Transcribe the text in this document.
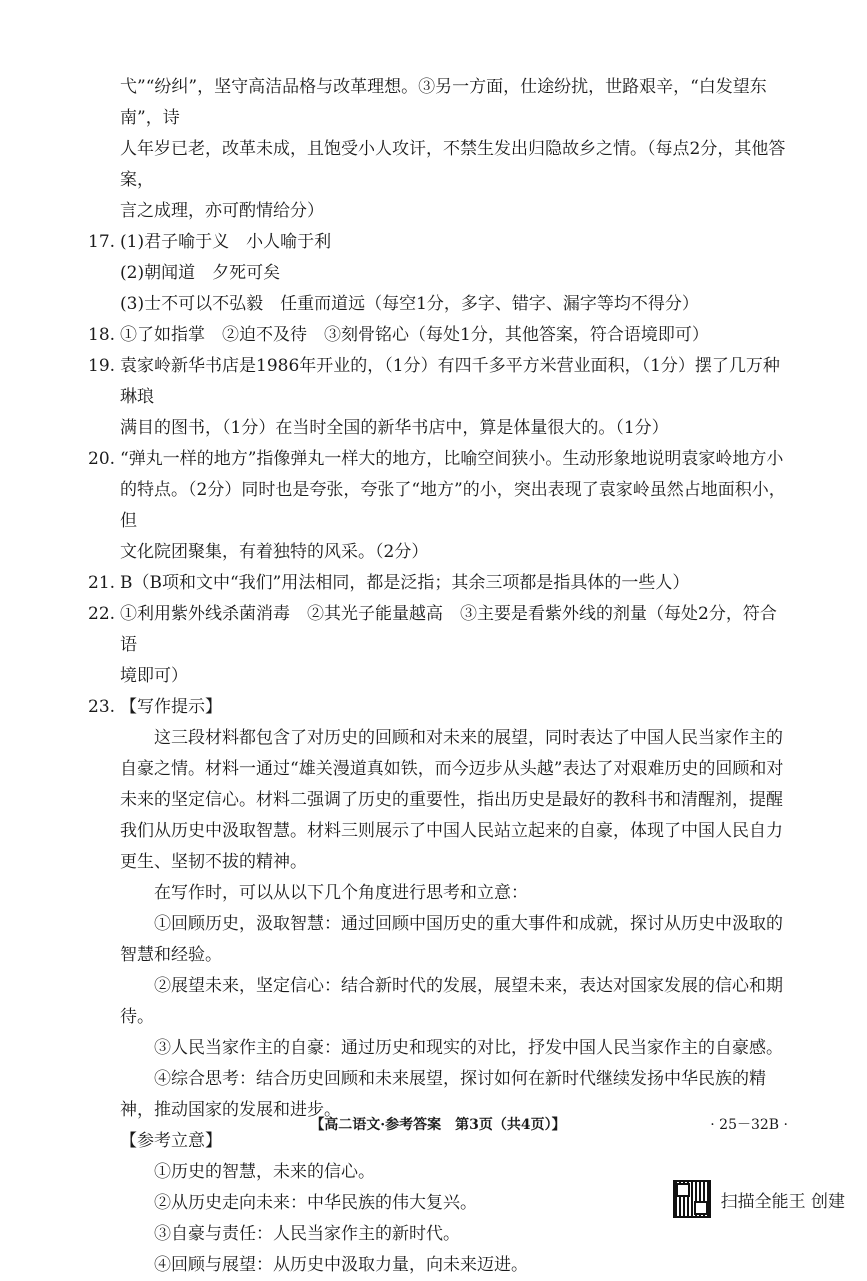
弋”“纷纠”，坚守高洁品格与改革理想。③另一方面，仕途纷扰，世路艰辛，“白发望东南”，诗

人年岁已老，改革未成，且饱受小人攻讦，不禁生发出归隐故乡之情。（每点2分，其他答案，

言之成理，亦可酌情给分）

17. (1)君子喻于义　小人喻于利

(2)朝闻道　夕死可矣

(3)士不可以不弘毅　任重而道远（每空1分，多字、错字、漏字等均不得分）

18. ①了如指掌　②迫不及待　③刻骨铭心（每处1分，其他答案，符合语境即可）

19. 袁家岭新华书店是1986年开业的，（1分）有四千多平方米营业面积，（1分）摆了几万种琳琅

满目的图书，（1分）在当时全国的新华书店中，算是体量很大的。（1分）

20. “弹丸一样的地方”指像弹丸一样大的地方，比喻空间狭小。生动形象地说明袁家岭地方小

的特点。（2分）同时也是夸张，夸张了“地方”的小，突出表现了袁家岭虽然占地面积小，但

文化院团聚集，有着独特的风采。（2分）

21. B（B项和文中“我们”用法相同，都是泛指；其余三项都是指具体的一些人）

22. ①利用紫外线杀菌消毒　②其光子能量越高　③主要是看紫外线的剂量（每处2分，符合语

境即可）

23. 【写作提示】

这三段材料都包含了对历史的回顾和对未来的展望，同时表达了中国人民当家作主的自豪之情。材料一通过“雄关漫道真如铁，而今迈步从头越”表达了对艰难历史的回顾和对未来的坚定信心。材料二强调了历史的重要性，指出历史是最好的教科书和清醒剂，提醒我们从历史中汲取智慧。材料三则展示了中国人民站立起来的自豪，体现了中国人民自力更生、坚韧不拔的精神。

在写作时，可以从以下几个角度进行思考和立意：

①回顾历史，汲取智慧：通过回顾中国历史的重大事件和成就，探讨从历史中汲取的智慧和经验。

②展望未来，坚定信心：结合新时代的发展，展望未来，表达对国家发展的信心和期待。

③人民当家作主的自豪：通过历史和现实的对比，抒发中国人民当家作主的自豪感。

④综合思考：结合历史回顾和未来展望，探讨如何在新时代继续发扬中华民族的精神，推动国家的发展和进步。

【参考立意】

①历史的智慧，未来的信心。

②从历史走向未来：中华民族的伟大复兴。

③自豪与责任：人民当家作主的新时代。

④回顾与展望：从历史中汲取力量，向未来迈进。

【高二语文·参考答案　第3页（共4页）】	· 25－32B ·
扫描全能王 创建
